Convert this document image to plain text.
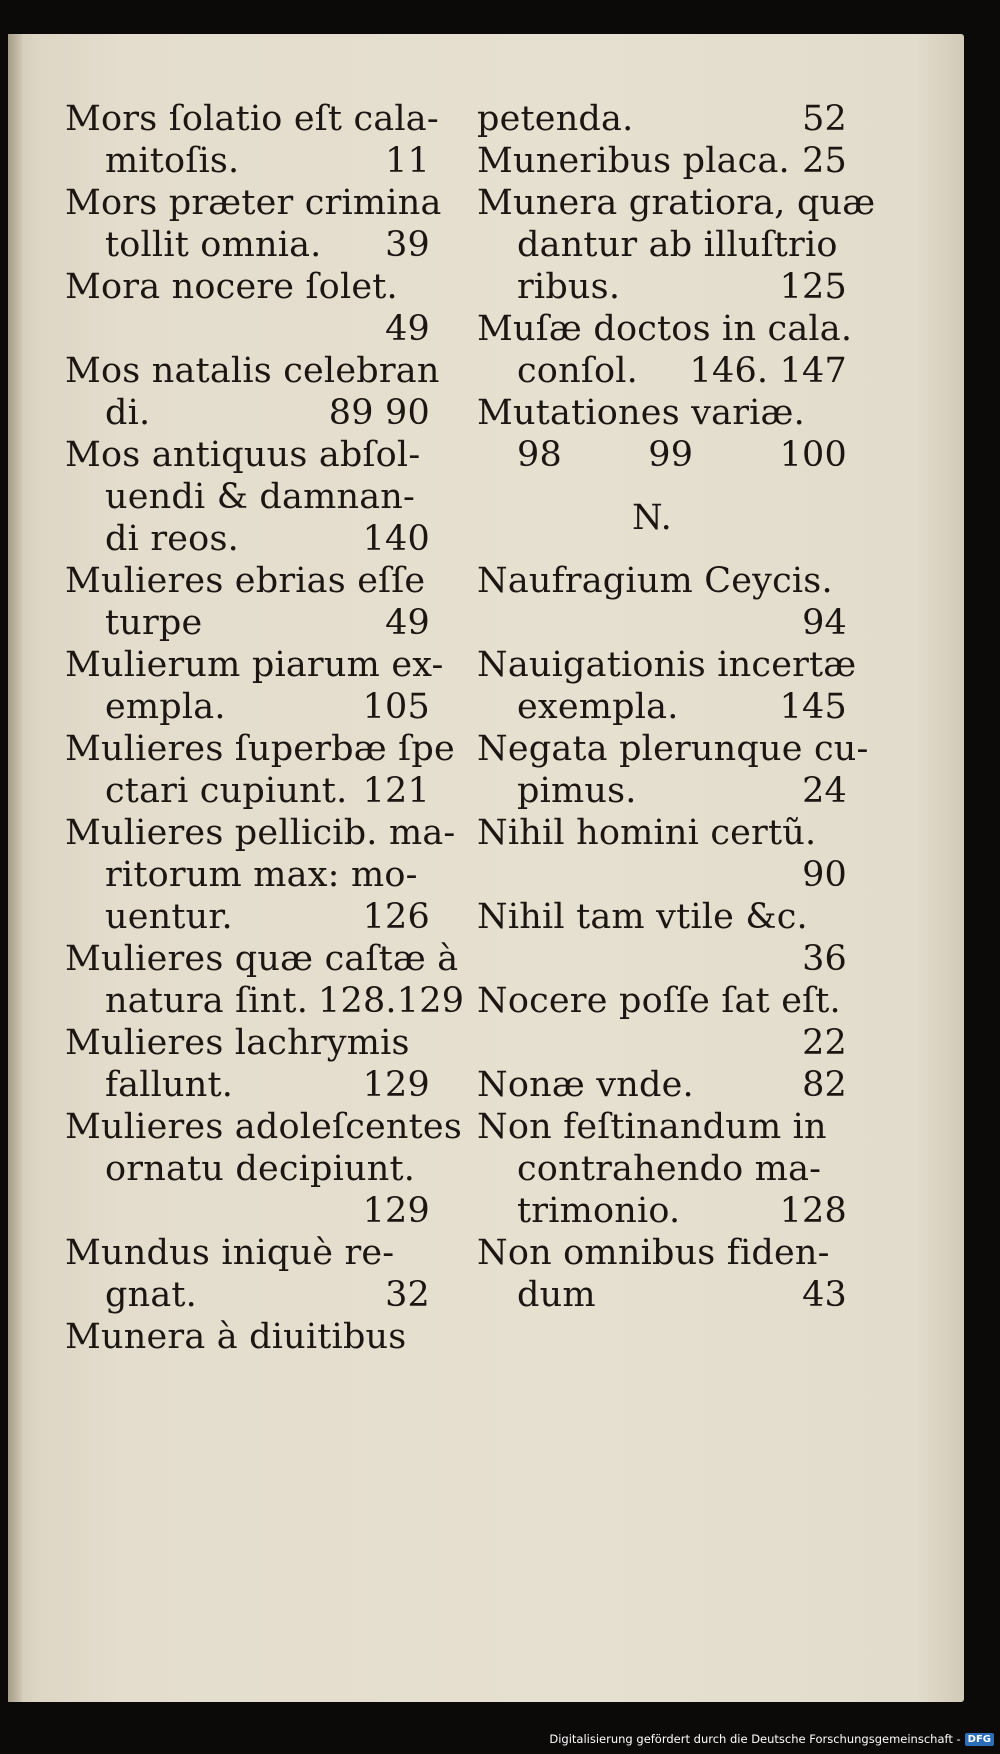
Mors ſolatio eſt cala-
mitoſis.	11
Mors præter crimina
tollit omnia. 39
Mora nocere ſolet.
49
Mos natalis celebran
di.	89 90
Mos antiquus abſol-
uendi & damnan-
di reos.	140
Mulieres ebrias eſſe
turpe	49
Mulierum piarum ex-
empla.	105
Mulieres ſuperbæ ſpe
ctari cupiunt. 121
Mulieres pellicib. ma-
ritorum max: mo-
uentur.	126
Mulieres quæ caſtæ à
natura ſint. 128.129
Mulieres lachrymis
fallunt.	129
Mulieres adoleſcentes
ornatu decipiunt.
129
Mundus iniquè re-
gnat.	32
Munera à diuitibus
petenda.	52
Muneribus placa. 25
Munera gratiora, quæ
dantur ab illuſtrio
ribus.	125
Muſæ doctos in cala.
conſol. 146. 147
Mutationes variæ.
98 99 100
N.
Naufragium Ceycis.
94
Nauigationis incertæ
exempla.	145
Negata plerunque cu-
pimus.	24
Nihil homini certũ.
90
Nihil tam vtile &c.
36
Nocere poſſe ſat eſt.
22
Nonæ vnde.	82
Non feſtinandum in
contrahendo ma-
trimonio.	128
Non omnibus fiden-
dum	43
Digitalisierung gefördert durch die Deutsche Forschungsgemeinschaft - DFG
